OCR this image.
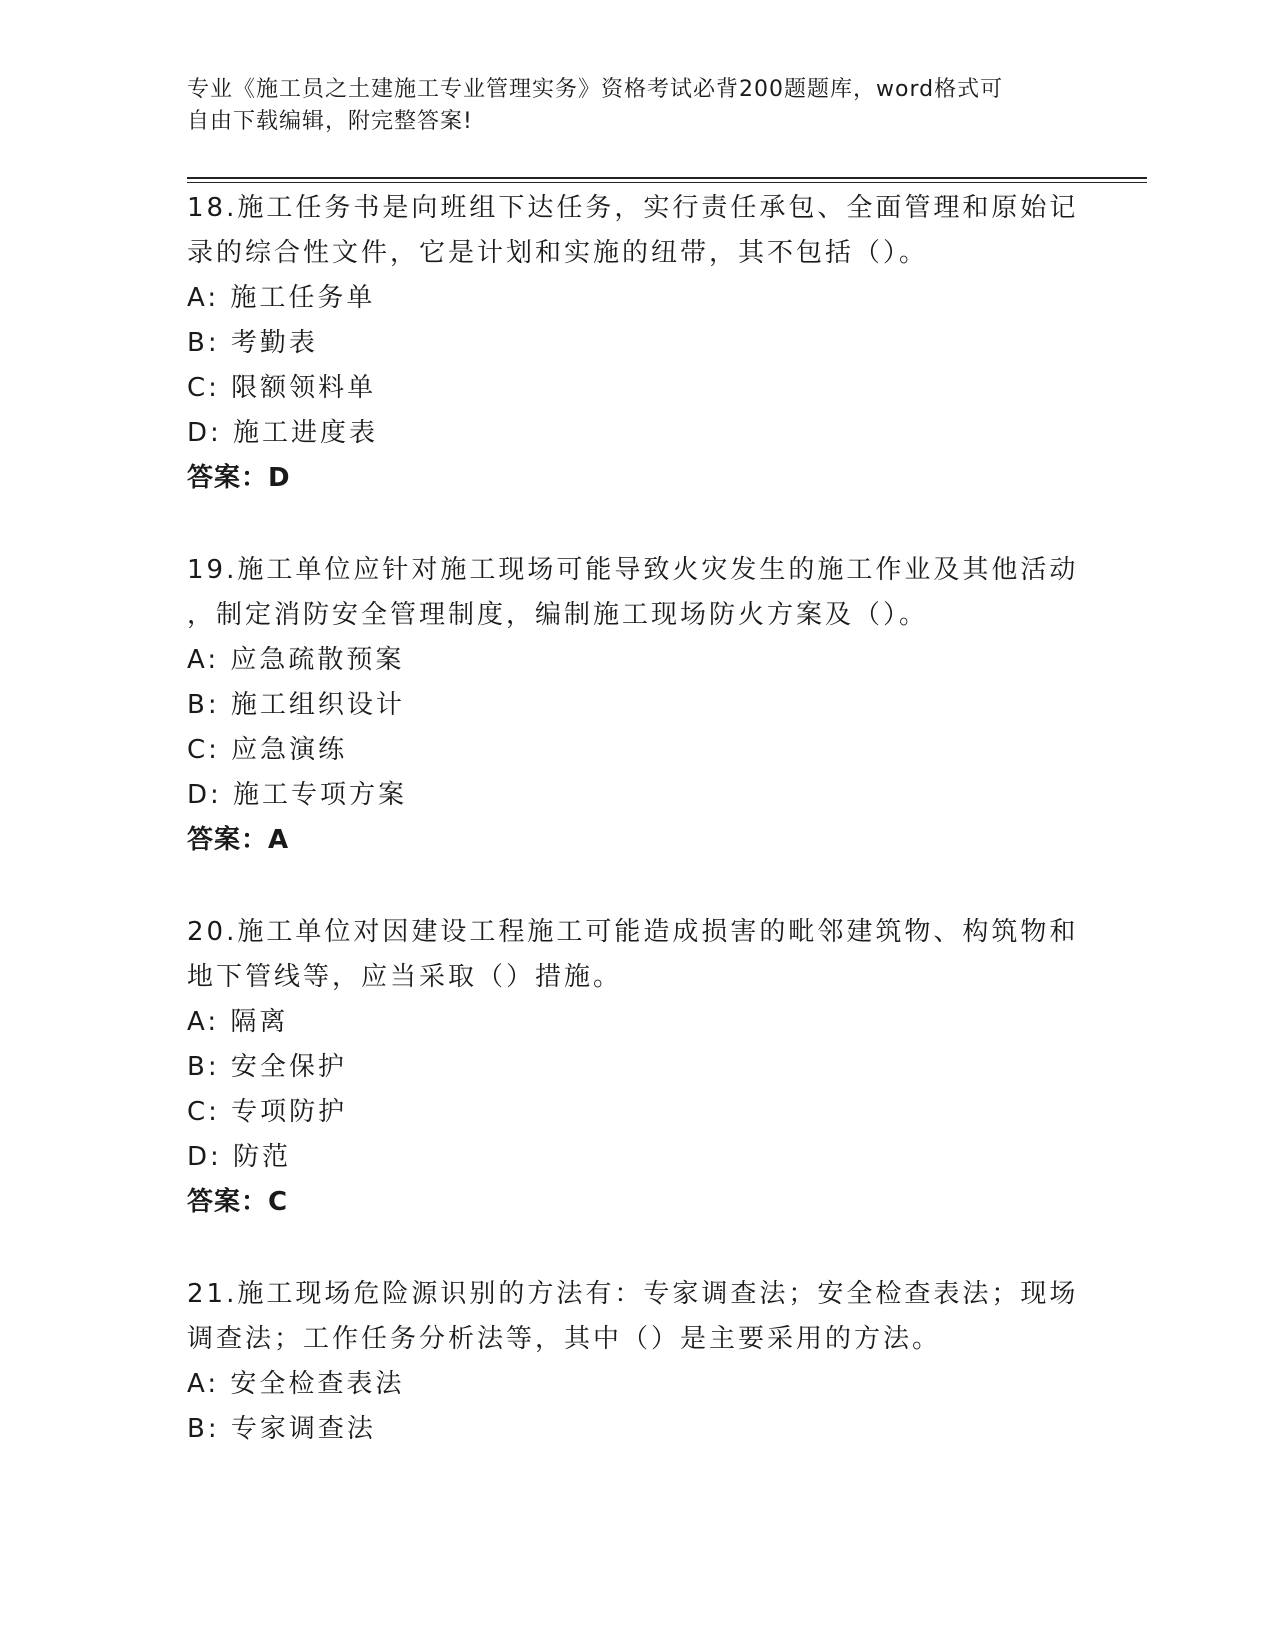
专业《施工员之土建施工专业管理实务》资格考试必背200题题库，word格式可
自由下载编辑，附完整答案!

18.施工任务书是向班组下达任务，实行责任承包、全面管理和原始记

录的综合性文件，它是计划和实施的纽带，其不包括（）。

A: 施工任务单

B: 考勤表

C: 限额领料单

D: 施工进度表

答案：D

19.施工单位应针对施工现场可能导致火灾发生的施工作业及其他活动

，制定消防安全管理制度，编制施工现场防火方案及（）。

A: 应急疏散预案

B: 施工组织设计

C: 应急演练

D: 施工专项方案

答案：A

20.施工单位对因建设工程施工可能造成损害的毗邻建筑物、构筑物和

地下管线等，应当采取（）措施。

A: 隔离

B: 安全保护

C: 专项防护

D: 防范

答案：C

21.施工现场危险源识别的方法有：专家调查法；安全检查表法；现场

调查法；工作任务分析法等，其中（）是主要采用的方法。

A: 安全检查表法

B: 专家调查法
